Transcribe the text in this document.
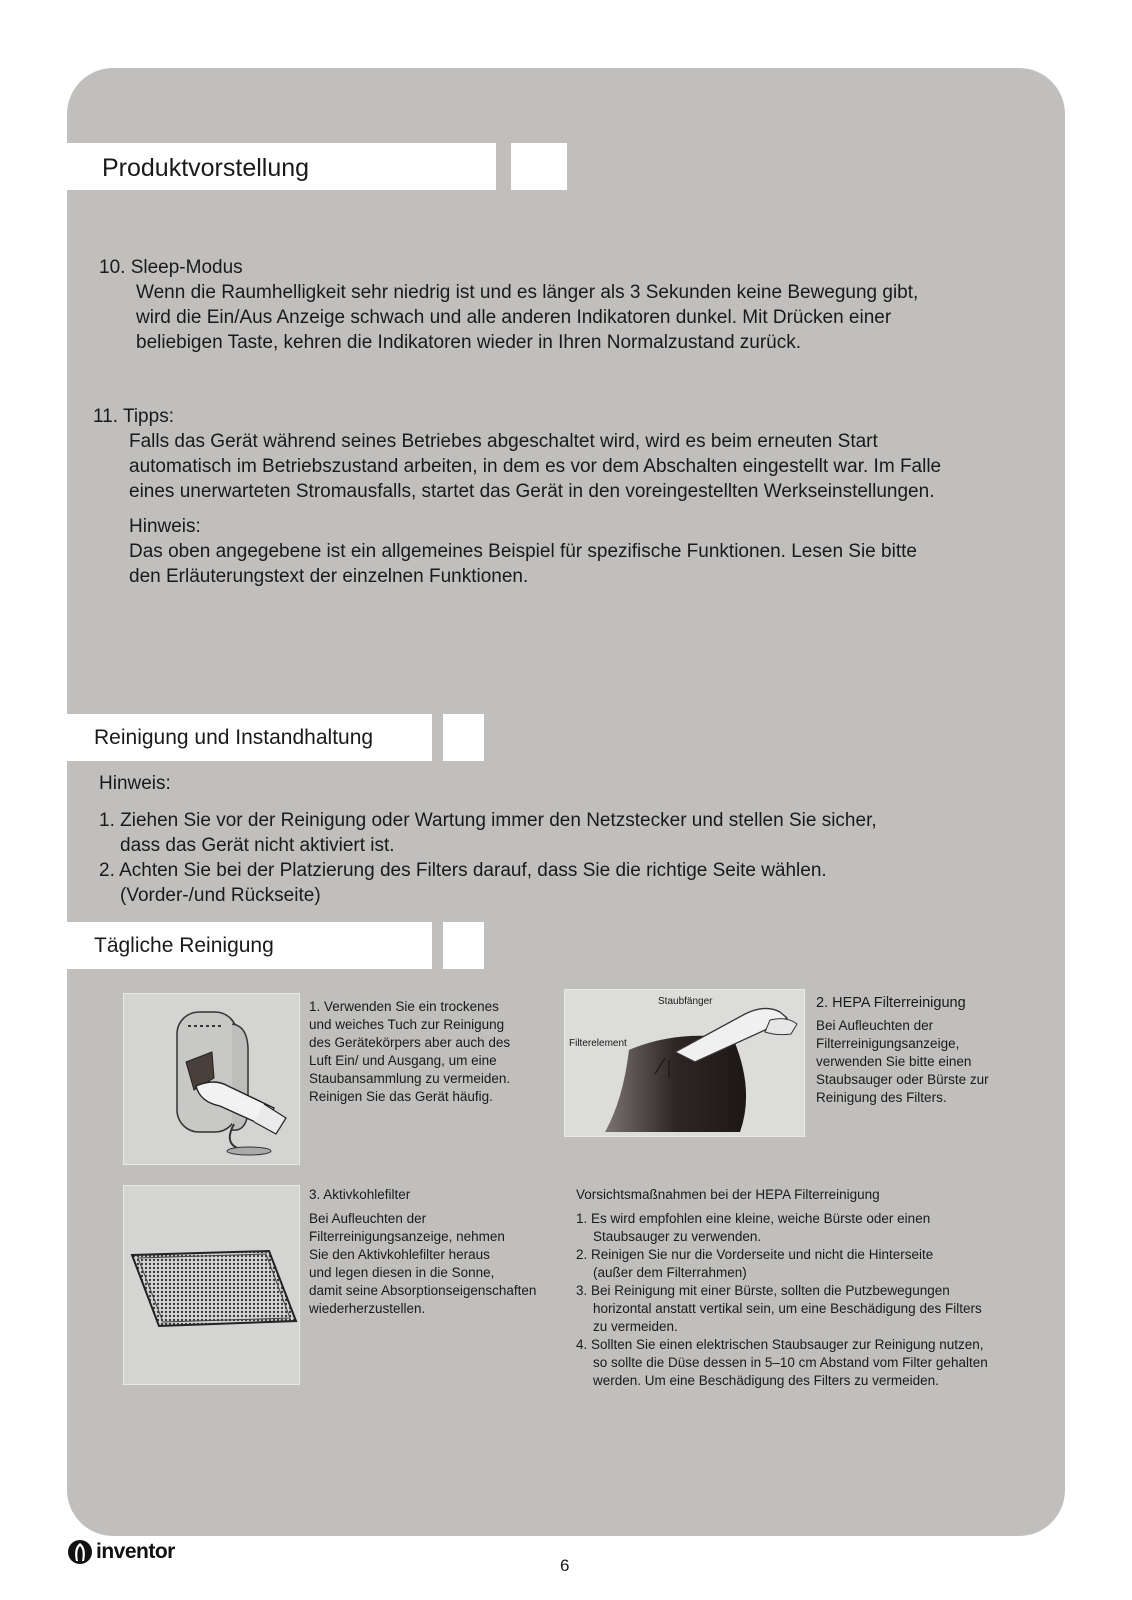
Produktvorstellung
10. Sleep-Modus
Wenn die Raumhelligkeit sehr niedrig ist und es länger als 3 Sekunden keine Bewegung gibt,
wird die Ein/Aus Anzeige schwach und alle anderen Indikatoren dunkel. Mit Drücken einer
beliebigen Taste, kehren die Indikatoren wieder in Ihren Normalzustand zurück.
11. Tipps:
Falls das Gerät während seines Betriebes abgeschaltet wird, wird es beim erneuten Start
automatisch im Betriebszustand arbeiten, in dem es vor dem Abschalten eingestellt war. Im Falle
eines unerwarteten Stromausfalls, startet das Gerät in den voreingestellten Werkseinstellungen.
Hinweis:
Das oben angegebene ist ein allgemeines Beispiel für spezifische Funktionen. Lesen Sie bitte
den Erläuterungstext der einzelnen Funktionen.
Reinigung und Instandhaltung
Hinweis:
1. Ziehen Sie vor der Reinigung oder Wartung immer den Netzstecker und stellen Sie sicher,
dass das Gerät nicht aktiviert ist.
2. Achten Sie bei der Platzierung des Filters darauf, dass Sie die richtige Seite wählen.
(Vorder-/und Rückseite)
Tägliche Reinigung
1. Verwenden Sie ein trockenes
und weiches Tuch zur Reinigung
des Gerätekörpers aber auch des
Luft Ein/ und Ausgang, um eine
Staubansammlung zu vermeiden.
Reinigen Sie das Gerät häufig.
Staubfänger
Filterelement
2. HEPA Filterreinigung
Bei Aufleuchten der
Filterreinigungsanzeige,
verwenden Sie bitte einen
Staubsauger oder Bürste zur
Reinigung des Filters.
3. Aktivkohlefilter
Bei Aufleuchten der
Filterreinigungsanzeige, nehmen
Sie den Aktivkohlefilter heraus
und legen diesen in die Sonne,
damit seine Absorptionseigenschaften
wiederherzustellen.
Vorsichtsmaßnahmen bei der HEPA Filterreinigung
1. Es wird empfohlen eine kleine, weiche Bürste oder einen
Staubsauger zu verwenden.
2. Reinigen Sie nur die Vorderseite und nicht die Hinterseite
(außer dem Filterrahmen)
3. Bei Reinigung mit einer Bürste, sollten die Putzbewegungen
horizontal anstatt vertikal sein, um eine Beschädigung des Filters
zu vermeiden.
4. Sollten Sie einen elektrischen Staubsauger zur Reinigung nutzen,
so sollte die Düse dessen in 5–10 cm Abstand vom Filter gehalten
werden. Um eine Beschädigung des Filters zu vermeiden.
inventor
6
